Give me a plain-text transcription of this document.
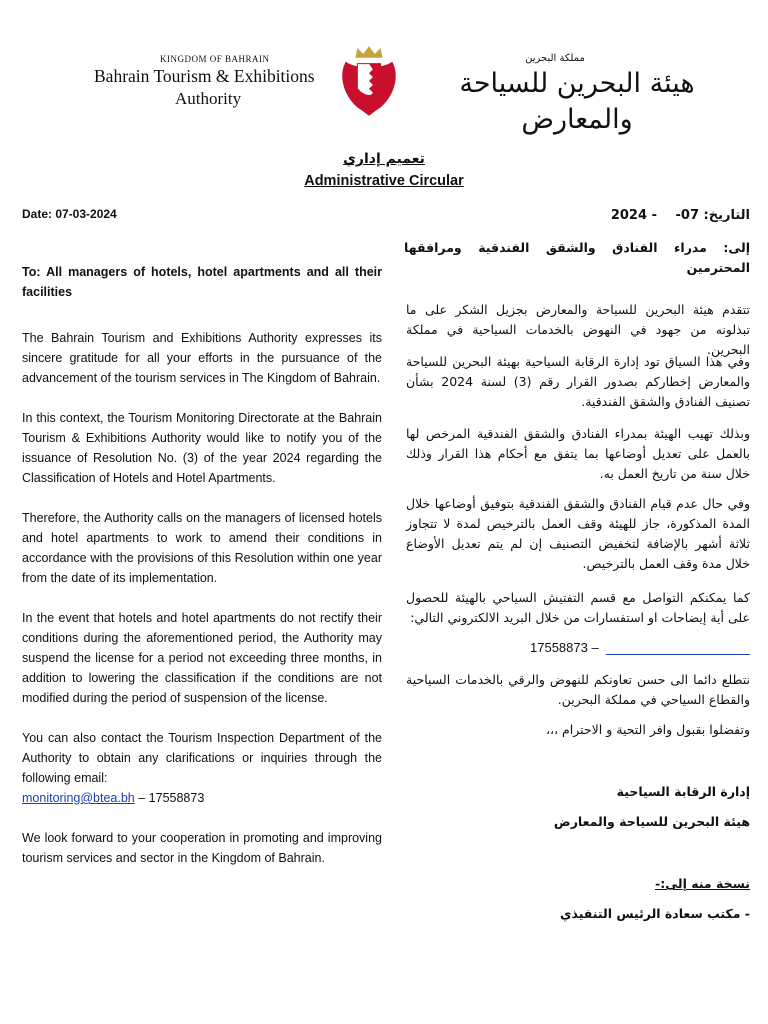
KINGDOM OF BAHRAIN
Bahrain Tourism & Exhibitions
Authority
مملكة البحرين
هيئة البحرين للسياحة والمعارض
تعميم إداري
Administrative Circular
Date: 07-03-2024	التاريخ: 07- - 2024
إلى: مدراء الفنادق والشقق الفندقية ومرافقها المحترمين
To: All managers of hotels, hotel apartments and all their facilities
The Bahrain Tourism and Exhibitions Authority expresses its sincere gratitude for all your efforts in the pursuance of the advancement of the tourism services in The Kingdom of Bahrain.
In this context, the Tourism Monitoring Directorate at the Bahrain Tourism & Exhibitions Authority would like to notify you of the issuance of Resolution No. (3) of the year 2024 regarding the Classification of Hotels and Hotel Apartments.
Therefore, the Authority calls on the managers of licensed hotels and hotel apartments to work to amend their conditions in accordance with the provisions of this Resolution within one year from the date of its implementation.
In the event that hotels and hotel apartments do not rectify their conditions during the aforementioned period, the Authority may suspend the license for a period not exceeding three months, in addition to lowering the classification if the conditions are not modified during the period of suspension of the license.
You can also contact the Tourism Inspection Department of the Authority to obtain any clarifications or inquiries through the following email:
monitoring@btea.bh – 17558873
We look forward to your cooperation in promoting and improving tourism services and sector in the Kingdom of Bahrain.
تتقدم هيئة البحرين للسياحة والمعارض بجزيل الشكر على ما تبذلونه من جهود في النهوض بالخدمات السياحية في مملكة البحرين.
وفي هذا السياق تود إدارة الرقابة السياحية بهيئة البحرين للسياحة والمعارض إخطاركم بصدور القرار رقم (3) لسنة 2024 بشأن تصنيف الفنادق والشقق الفندقية.
وبذلك تهيب الهيئة بمدراء الفنادق والشقق الفندقية المرخص لها بالعمل على تعديل أوضاعها بما يتفق مع أحكام هذا القرار وذلك خلال سنة من تاريخ العمل به.
وفي حال عدم قيام الفنادق والشقق الفندقية بتوفيق أوضاعها خلال المدة المذكورة، جاز للهيئة وقف العمل بالترخيص لمدة لا تتجاوز ثلاثة أشهر بالإضافة لتخفيض التصنيف إن لم يتم تعديل الأوضاع خلال مدة وقف العمل بالترخيص.
كما يمكنكم التواصل مع قسم التفتيش السياحي بالهيئة للحصول على أية إيضاحات او استفسارات من خلال البريد الالكتروني التالي:
17558873 –
نتطلع دائما الى حسن تعاونكم للنهوض والرقي بالخدمات السياحية والقطاع السياحي في مملكة البحرين.
وتفضلوا بقبول وافر التحية و الاحترام ،،،
إدارة الرقابة السياحية
هيئة البحرين للسياحة والمعارض
نسخة منه إلى:-
- مكتب سعادة الرئيس التنفيذي
